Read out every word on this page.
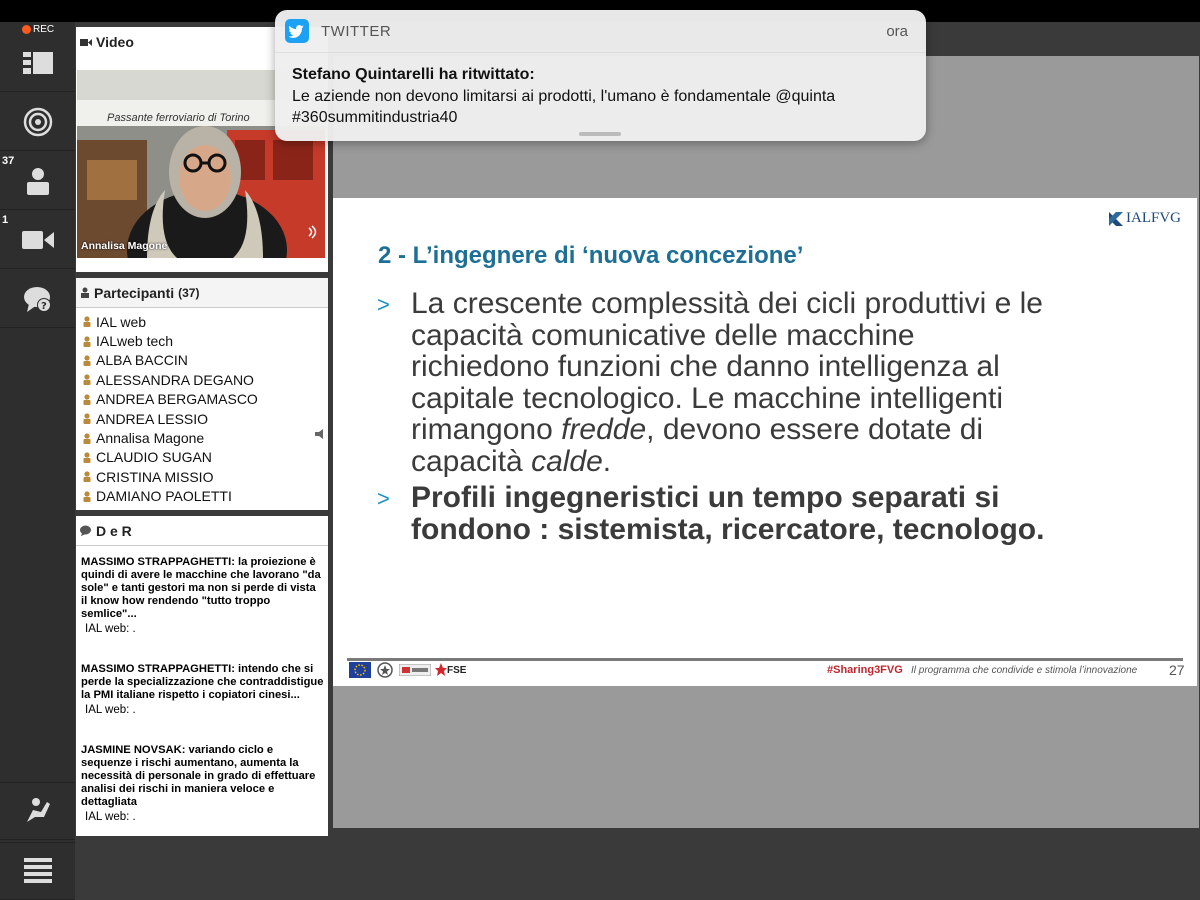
REC
37
1
?
Video
Passante ferroviario di Torino
Annalisa Magone
Partecipanti (37)
IAL web
IALweb tech
ALBA BACCIN
ALESSANDRA DEGANO
ANDREA BERGAMASCO
ANDREA LESSIO
Annalisa Magone
CLAUDIO SUGAN
CRISTINA MISSIO
DAMIANO PAOLETTI
D e R
MASSIMO STRAPPAGHETTI: la proiezione è quindi di avere le macchine che lavorano "da sole" e tanti gestori ma non si perde di vista il know how rendendo "tutto troppo semlice"...
IAL web: .
MASSIMO STRAPPAGHETTI: intendo che si perde la specializzazione che contraddistigue la PMI italiane rispetto i copiatori cinesi...
IAL web: .
JASMINE NOVSAK: variando ciclo e sequenze i rischi aumentano, aumenta la necessità di personale in grado di effettuare analisi dei rischi in maniera veloce e dettagliata
IAL web: .
IALFVG
2 - L’ingegnere di ‘nuova concezione’
> La crescente complessità dei cicli produttivi e le capacità comunicative delle macchine richiedono funzioni che danno intelligenza al capitale tecnologico. Le macchine intelligenti rimangono fredde, devono essere dotate di capacità calde.
> Profili ingegneristici un tempo separati si fondono : sistemista, ricercatore, tecnologo.
FSE	#Sharing3FVG Il programma che condivide e stimola l’innovazione 27
TWITTER	ora
Stefano Quintarelli ha ritwittato:
Le aziende non devono limitarsi ai prodotti, l'umano è fondamentale @quinta #360summitindustria40
